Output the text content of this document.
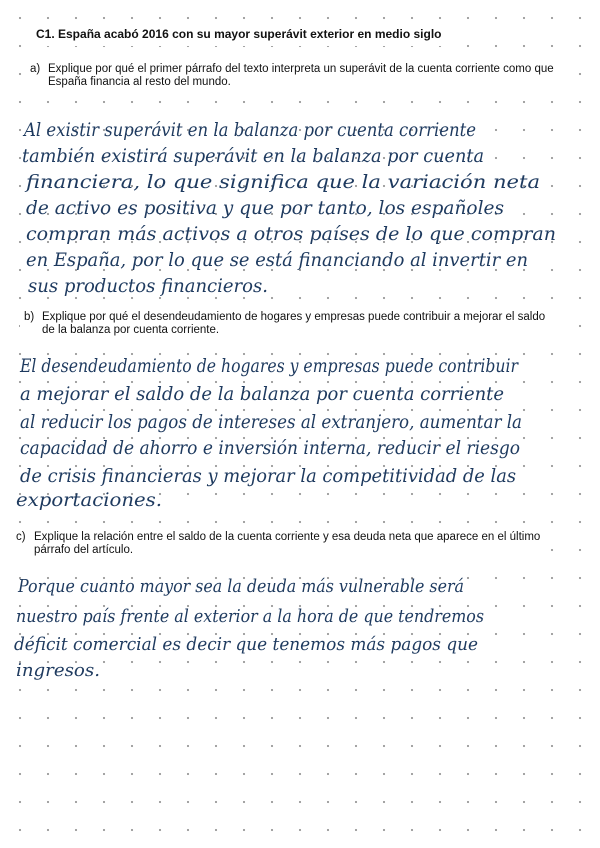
C1. España acabó 2016 con su mayor superávit exterior en medio siglo
a) Explique por qué el primer párrafo del texto interpreta un superávit de la cuenta corriente como que España financia al resto del mundo.
Al existir superávit en la balanza por cuenta corriente
también existirá superávit en la balanza por cuenta
financiera, lo que significa que la variación neta
de activo es positiva y que por tanto, los españoles
compran más activos a otros países de lo que compran
en España, por lo que se está financiando al invertir en
sus productos financieros.
b) Explique por qué el desendeudamiento de hogares y empresas puede contribuir a mejorar el saldo de la balanza por cuenta corriente.
El desendeudamiento de hogares y empresas puede contribuir
a mejorar el saldo de la balanza por cuenta corriente
al reducir los pagos de intereses al extranjero, aumentar la
capacidad de ahorro e inversión interna, reducir el riesgo
de crisis financieras y mejorar la competitividad de las
exportaciones.
c) Explique la relación entre el saldo de la cuenta corriente y esa deuda neta que aparece en el último párrafo del artículo.
Porque cuanto mayor sea la deuda más vulnerable será
nuestro país frente al exterior a la hora de que tendremos
déficit comercial es decir que tenemos más pagos que
ingresos.
